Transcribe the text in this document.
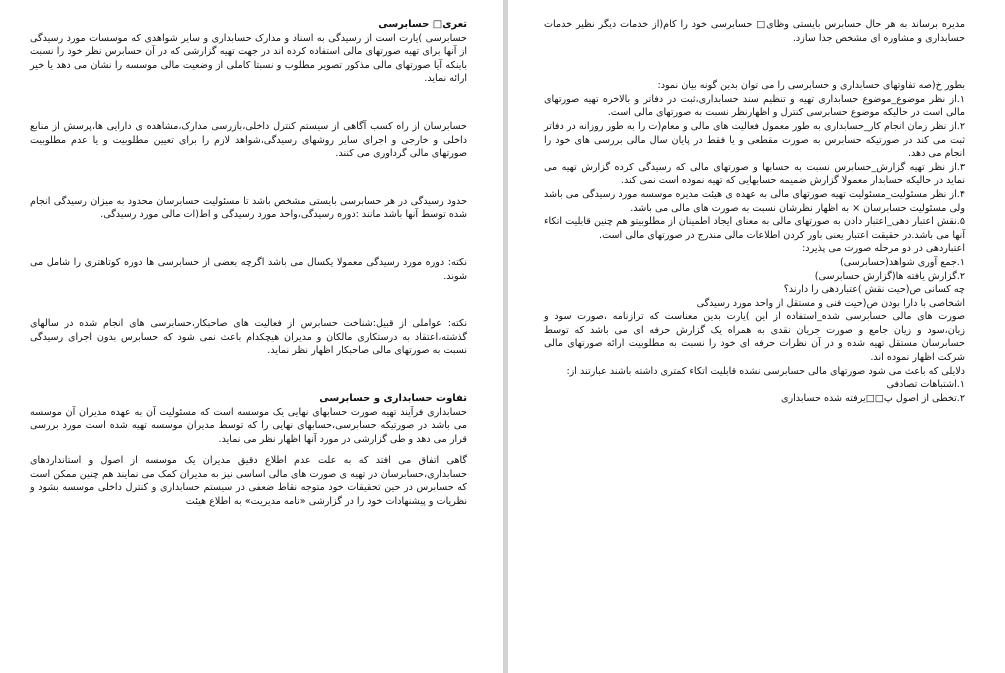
تعری□ حسابرسی

حسابرسی )یارت است از رسیدگی به اسناد و مدارک حسابداری و سایر شواهدی که موسسات مورد رسیدگی از آنها برای تهیه صورتهای مالی استفاده کرده اند در جهت تهیه گزارشی که در آن حسابرس نظر خود را نسبت باینکه آیا صورتهای مالی مذکور تصویر مطلوب و نسبتا کاملی از وضعیت مالی موسسه را نشان می دهد یا خیر ارائه نماید.

حسابرسان از راه کسب آگاهی از سیستم کنترل داخلی،بازرسی مدارک،مشاهده ی دارایی ها،پرسش از منابع داخلی و خارجی و اجرای سایر روشهای رسیدگی،شواهد لازم را برای تعیین مطلوبیت و یا عدم مطلوبیت صورتهای مالی گرداوری می کنند.

حدود رسیدگی در هر حسابرسی بایستی مشخص باشد تا مسئولیت حسابرسان محدود به میزان رسیدگی انجام شده توسط آنها باشد مانند :دوره رسیدگی،واحد مورد رسیدگی و اط(ات مالی مورد رسیدگی.

نکته: دوره مورد رسیدگی معمولا یکسال می باشد اگرچه بعضی از حسابرسی ها دوره کوتاهتری را شامل می شوند.

نکته: عواملی از قبیل:شناخت حسابرس از فعالیت های صاحبکار،حسابرسی های انجام شده در سالهای گذشته،اعتقاد به درستکاری مالکان و مدیران هیچکدام باعث نمی شود که حسابرس بدون اجرای رسیدگی نسبت به صورتهای مالی صاحبکار اظهار نظر نماید.

تفاوت حسابداری و حسابرسی

حسابداری فرآیند تهیه صورت حسابهای نهایی یک موسسه است که مسئولیت آن به عهده مدیران آن موسسه می باشد در صورتیکه حسابرسی،حسابهای نهایی را که توسط مدیران موسسه تهیه شده است مورد بررسی قرار می دهد و طی گزارشی در مورد آنها اظهار نظر می نماید.

گاهی اتفاق می افتد که به علت عدم اطلاع دقیق مدیران یک موسسه از اصول و استانداردهای حسابداری،حسابرسان در تهیه ی صورت های مالی اساسی نیز به مدیران کمک می نمایند هم چنین ممکن است که حسابرس در حین تحقیقات خود متوجه نقاط ضعفی در سیستم حسابداری و کنترل داخلی موسسه بشود و نظریات و پیشنهادات خود را در گزارشی «نامه مدیریت» به اطلاع هیئت

مدیره برساند به هر حال حسابرس بایستی وظای□ حسابرسی خود را کام(از خدمات دیگر نظیر خدمات حسابداری و مشاوره ای مشخص جدا سازد.

بطور خ(صه تفاوتهای حسابداری و حسابرسی را می توان بدین گونه بیان نمود:

۱.از نظر موضوع_موضوع حسابداری تهیه و تنظیم سند حسابداری،ثبت در دفاتر و بالاخره تهیه صورتهای مالی است در حالیکه موضوع حسابرسی کنترل و اظهارنظر نسبت به صورتهای مالی است.

۲.از نظر زمان انجام کار_حسابداری به طور معمول فعالیت های مالی و معام(ت را به طور روزانه در دفاتر ثبت می کند در صورتیکه حسابرس به صورت مقطعی و یا فقط در پایان سال مالی بررسی های خود را انجام می دهد.

۳.از نظر تهیه گزارش_حسابرس نسبت به حسابها و صورتهای مالی که رسیدگی کرده گزارش تهیه می نماید در حالیکه حسابدار معمولا گزارش ضمیمه حسابهایی که تهیه نموده است نمی کند.

۴.از نظر مسئولیت_مسئولیت تهیه صورتهای مالی به عهده ی هیئت مدیره موسسه مورد رسیدگی می باشد ولی مسئولیت حسابرسان × به اظهار نظرشان نسبت به صورت های مالی می باشد.

۵.نقش اعتبار دهی_اعتبار دادن به صورتهای مالی به معنای ایجاد اطمینان از مطلوبیتو هم چنین قابلیت اتکاء آنها می باشد.در حقیقت اعتبار یعنی باور کردن اطلاعات مالی مندرج در صورتهای مالی است.

اعتباردهی در دو مرحله صورت می پذیرد:

۱.جمع آوری شواهد(حسابرسی)

۲.گزارش یافته ها(گزارش حسابرسی)

چه کسانی ص(حیت نقش )عتباردهی را دارند؟

اشخاصی با دارا بودن ص(حیت فنی و مستقل از واحد مورد رسیدگی

صورت های مالی حسابرسی شده_استفاده از این )یارت بدین معناست که ترازنامه ،صورت سود و زیان،سود و زیان جامع و صورت جریان نقدی به همراه یک گزارش حرفه ای می باشد که توسط حسابرسان مستقل تهیه شده و در آن نظرات حرفه ای خود را نسبت به مطلوبیت ارائه صورتهای مالی شرکت اظهار نموده اند.

دلایلی که باعث می شود صورتهای مالی حسابرسی نشده قابلیت اتکاء کمتری داشته باشند عبارتند از:

۱.اشتباهات تصادفی

۲.تخطی از اصول پ□□یرفته شده حسابداری
